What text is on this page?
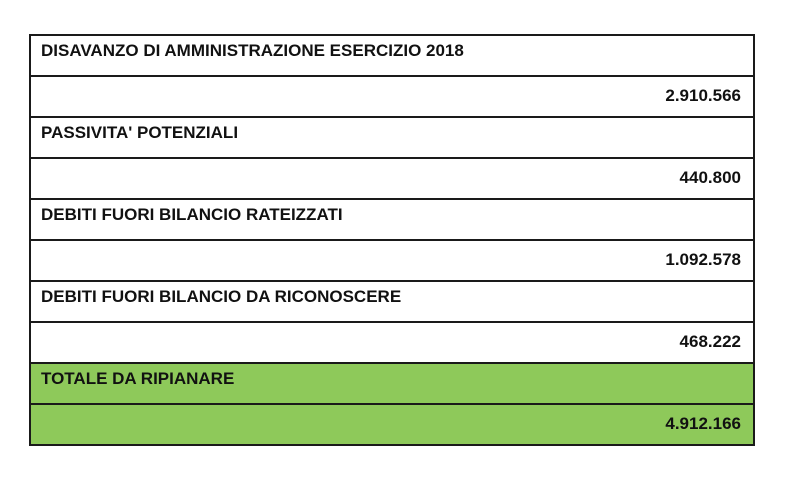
DISAVANZO DI AMMINISTRAZIONE ESERCIZIO 2018
2.910.566
PASSIVITA' POTENZIALI
440.800
DEBITI FUORI BILANCIO RATEIZZATI
1.092.578
DEBITI FUORI BILANCIO DA RICONOSCERE
468.222
TOTALE DA RIPIANARE
4.912.166
